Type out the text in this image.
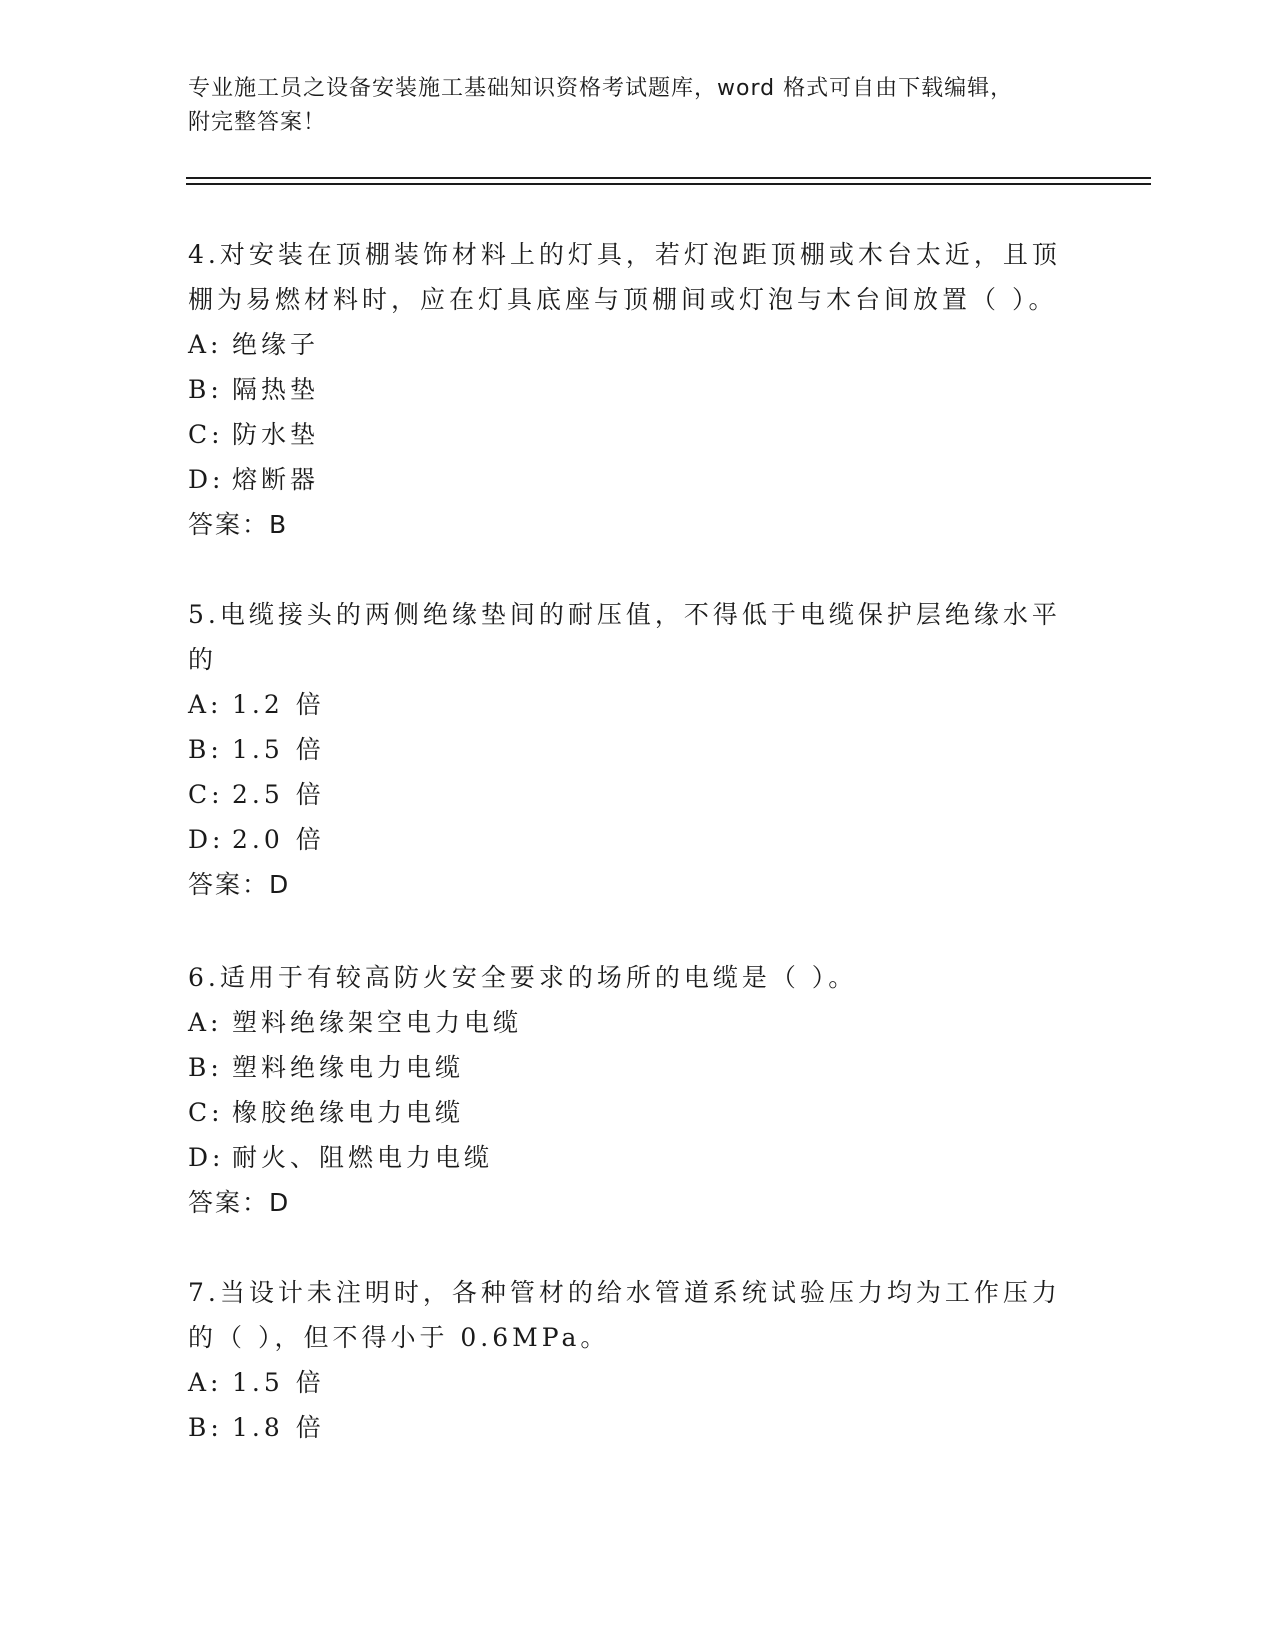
专业施工员之设备安装施工基础知识资格考试题库，word 格式可自由下载编辑，
附完整答案！
4.对安装在顶棚装饰材料上的灯具，若灯泡距顶棚或木台太近，且顶棚为易燃材料时，应在灯具底座与顶棚间或灯泡与木台间放置（ ）。
A: 绝缘子
B: 隔热垫
C: 防水垫
D: 熔断器
答案：B
5.电缆接头的两侧绝缘垫间的耐压值，不得低于电缆保护层绝缘水平的
A: 1.2 倍
B: 1.5 倍
C: 2.5 倍
D: 2.0 倍
答案：D
6.适用于有较高防火安全要求的场所的电缆是（ ）。
A: 塑料绝缘架空电力电缆
B: 塑料绝缘电力电缆
C: 橡胶绝缘电力电缆
D: 耐火、阻燃电力电缆
答案：D
7.当设计未注明时，各种管材的给水管道系统试验压力均为工作压力的（ ），但不得小于 0.6MPa。
A: 1.5 倍
B: 1.8 倍
